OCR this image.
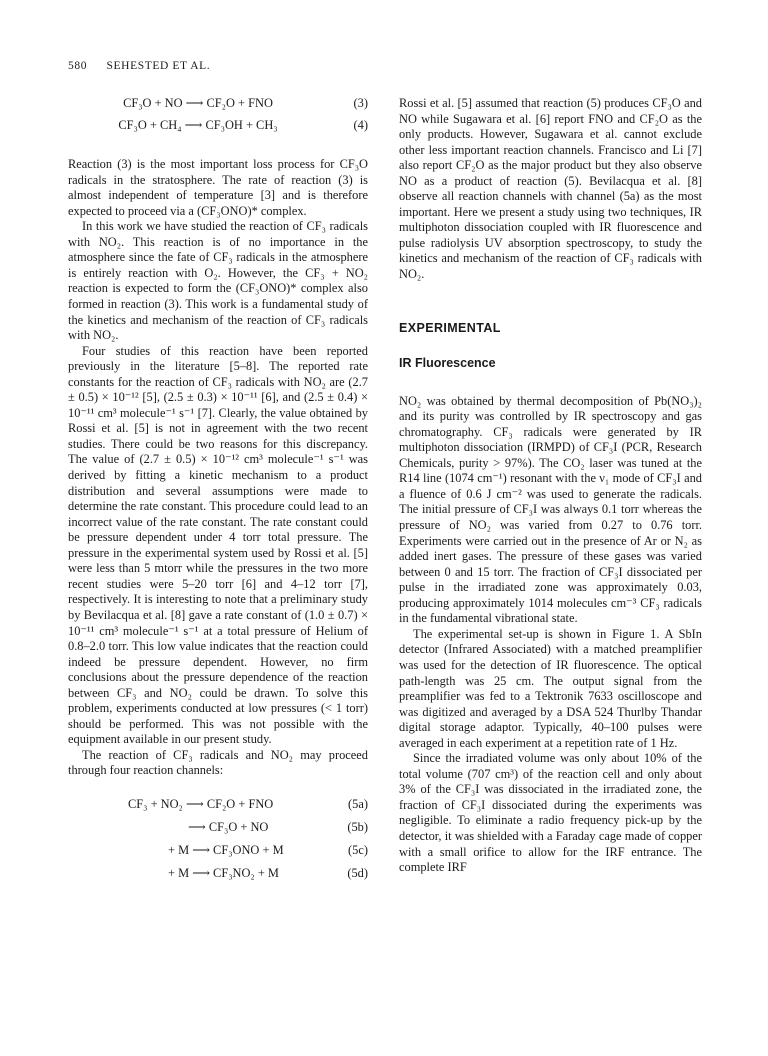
580 SEHESTED ET AL.
CF₃O + NO ⟶ CF₂O + FNO	(3)
CF₃O + CH₄ ⟶ CF₃OH + CH₃	(4)

Reaction (3) is the most important loss process for CF₃O radicals in the stratosphere. The rate of reaction (3) is almost independent of temperature [3] and is therefore expected to proceed via a (CF₃ONO)* complex.

In this work we have studied the reaction of CF₃ radicals with NO₂. This reaction is of no importance in the atmosphere since the fate of CF₃ radicals in the atmosphere is entirely reaction with O₂. However, the CF₃ + NO₂ reaction is expected to form the (CF₃ONO)* complex also formed in reaction (3). This work is a fundamental study of the kinetics and mechanism of the reaction of CF₃ radicals with NO₂.

Four studies of this reaction have been reported previously in the literature [5–8]. The reported rate constants for the reaction of CF₃ radicals with NO₂ are (2.7 ± 0.5) × 10⁻¹² [5], (2.5 ± 0.3) × 10⁻¹¹ [6], and (2.5 ± 0.4) × 10⁻¹¹ cm³ molecule⁻¹ s⁻¹ [7]. Clearly, the value obtained by Rossi et al. [5] is not in agreement with the two recent studies. There could be two reasons for this discrepancy. The value of (2.7 ± 0.5) × 10⁻¹² cm³ molecule⁻¹ s⁻¹ was derived by fitting a kinetic mechanism to a product distribution and several assumptions were made to determine the rate constant. This procedure could lead to an incorrect value of the rate constant. The rate constant could be pressure dependent under 4 torr total pressure. The pressure in the experimental system used by Rossi et al. [5] were less than 5 mtorr while the pressures in the two more recent studies were 5–20 torr [6] and 4–12 torr [7], respectively. It is interesting to note that a preliminary study by Bevilacqua et al. [8] gave a rate constant of (1.0 ± 0.7) × 10⁻¹¹ cm³ molecule⁻¹ s⁻¹ at a total pressure of Helium of 0.8–2.0 torr. This low value indicates that the reaction could indeed be pressure dependent. However, no firm conclusions about the pressure dependence of the reaction between CF₃ and NO₂ could be drawn. To solve this problem, experiments conducted at low pressures (< 1 torr) should be performed. This was not possible with the equipment available in our present study.

The reaction of CF₃ radicals and NO₂ may proceed through four reaction channels:

CF₃ + NO₂ ⟶ CF₂O + FNO	(5a)
⟶ CF₃O + NO	(5b)
+ M ⟶ CF₃ONO + M	(5c)
+ M ⟶ CF₃NO₂ + M	(5d)

Rossi et al. [5] assumed that reaction (5) produces CF₃O and NO while Sugawara et al. [6] report FNO and CF₂O as the only products. However, Sugawara et al. cannot exclude other less important reaction channels. Francisco and Li [7] also report CF₂O as the major product but they also observe NO as a product of reaction (5). Bevilacqua et al. [8] observe all reaction channels with channel (5a) as the most important. Here we present a study using two techniques, IR multiphoton dissociation coupled with IR fluorescence and pulse radiolysis UV absorption spectroscopy, to study the kinetics and mechanism of the reaction of CF₃ radicals with NO₂.

EXPERIMENTAL
IR Fluorescence

NO₂ was obtained by thermal decomposition of Pb(NO₃)₂ and its purity was controlled by IR spectroscopy and gas chromatography. CF₃ radicals were generated by IR multiphoton dissociation (IRMPD) of CF₃I (PCR, Research Chemicals, purity > 97%). The CO₂ laser was tuned at the R14 line (1074 cm⁻¹) resonant with the ν₁ mode of CF₃I and a fluence of 0.6 J cm⁻² was used to generate the radicals. The initial pressure of CF₃I was always 0.1 torr whereas the pressure of NO₂ was varied from 0.27 to 0.76 torr. Experiments were carried out in the presence of Ar or N₂ as added inert gases. The pressure of these gases was varied between 0 and 15 torr. The fraction of CF₃I dissociated per pulse in the irradiated zone was approximately 0.03, producing approximately 1014 molecules cm⁻³ CF₃ radicals in the fundamental vibrational state.

The experimental set-up is shown in Figure 1. A SbIn detector (Infrared Associated) with a matched preamplifier was used for the detection of IR fluorescence. The optical path-length was 25 cm. The output signal from the preamplifier was fed to a Tektronik 7633 oscilloscope and was digitized and averaged by a DSA 524 Thurlby Thandar digital storage adaptor. Typically, 40–100 pulses were averaged in each experiment at a repetition rate of 1 Hz.

Since the irradiated volume was only about 10% of the total volume (707 cm³) of the reaction cell and only about 3% of the CF₃I was dissociated in the irradiated zone, the fraction of CF₃I dissociated during the experiments was negligible. To eliminate a radio frequency pick-up by the detector, it was shielded with a Faraday cage made of copper with a small orifice to allow for the IRF entrance. The complete IRF
